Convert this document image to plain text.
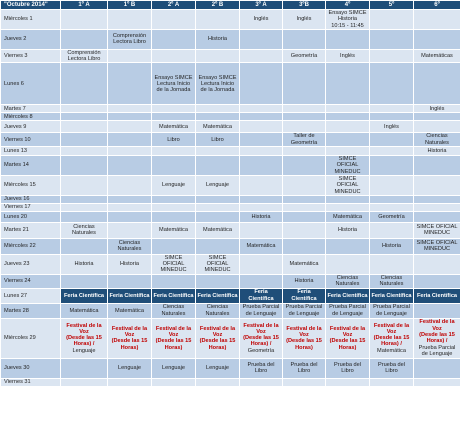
"Octubre 2014"	1º A	1º B	2º A	2º B	3º A	3ºB	4º	5º	6º
Miércoles 1					Inglés	Inglés	Ensayo SIMCE Historia
10:15 - 11:45		
Jueves 2		Comprensión Lectora Libro		Historia					
Viernes 3	Comprensión Lectora Libro					Geometría	Inglés		Matemáticas
Lunes 6			Ensayo SIMCE Lectura Inicio de la Jornada	Ensayo SIMCE Lectura Inicio de la Jornada					
Martes 7									Inglés
Miércoles 8									
Jueves 9			Matemática	Matemática				Inglés	
Viernes 10			Libro	Libro		Taller de Geometría			Ciencias Naturales
Lunes 13									Historia
Martes 14							SIMCE OFICIAL MINEDUC		
Miércoles 15			Lenguaje	Lenguaje			SIMCE OFICIAL MINEDUC		
Jueves 16									
Viernes 17									
Lunes 20					Historia		Matemática	Geometría	
Martes 21	Ciencias Naturales		Matemática	Matemática			Historia		SIMCE OFICIAL MINEDUC
Miércoles 22		Ciencias Naturales			Matemática			Historia	SIMCE OFICIAL MINEDUC
Jueves 23	Historia	Historia	SIMCE OFICIAL MINEDUC	SIMCE OFICIAL MINEDUC		Matemática			
Viernes 24						Historia	Ciencias Naturales	Ciencias Naturales	
Lunes 27	Feria Científica	Feria Científica	Feria Científica	Feria Científica	Feria Científica	Feria Científica	Feria Científica	Feria Científica	Feria Científica
Martes 28	Matemática	Matemática	Ciencias Naturales	Ciencias Naturales	Prueba Parcial de Lenguaje	Prueba Parcial de Lenguaje	Prueba Parcial de Lenguaje	Prueba Parcial de Lenguaje	
Miércoles 29	Festival de la Voz
(Desde las 15 Horas) /
Lenguaje	Festival de la Voz
(Desde las 15 Horas)	Festival de la Voz
(Desde las 15 Horas)	Festival de la Voz
(Desde las 15 Horas)	Festival de la Voz
(Desde las 15 Horas) /
Geometría	Festival de la Voz
(Desde las 15 Horas)	Festival de la Voz
(Desde las 15 Horas)	Festival de la Voz
(Desde las 15 Horas) /
Matemática	Festival de la Voz
(Desde las 15 Horas) /
Prueba Parcial de Lenguaje
Jueves 30		Lenguaje	Lenguaje	Lenguaje	Prueba del Libro	Prueba del Libro	Prueba del Libro	Prueba del Libro	
Viernes 31									
